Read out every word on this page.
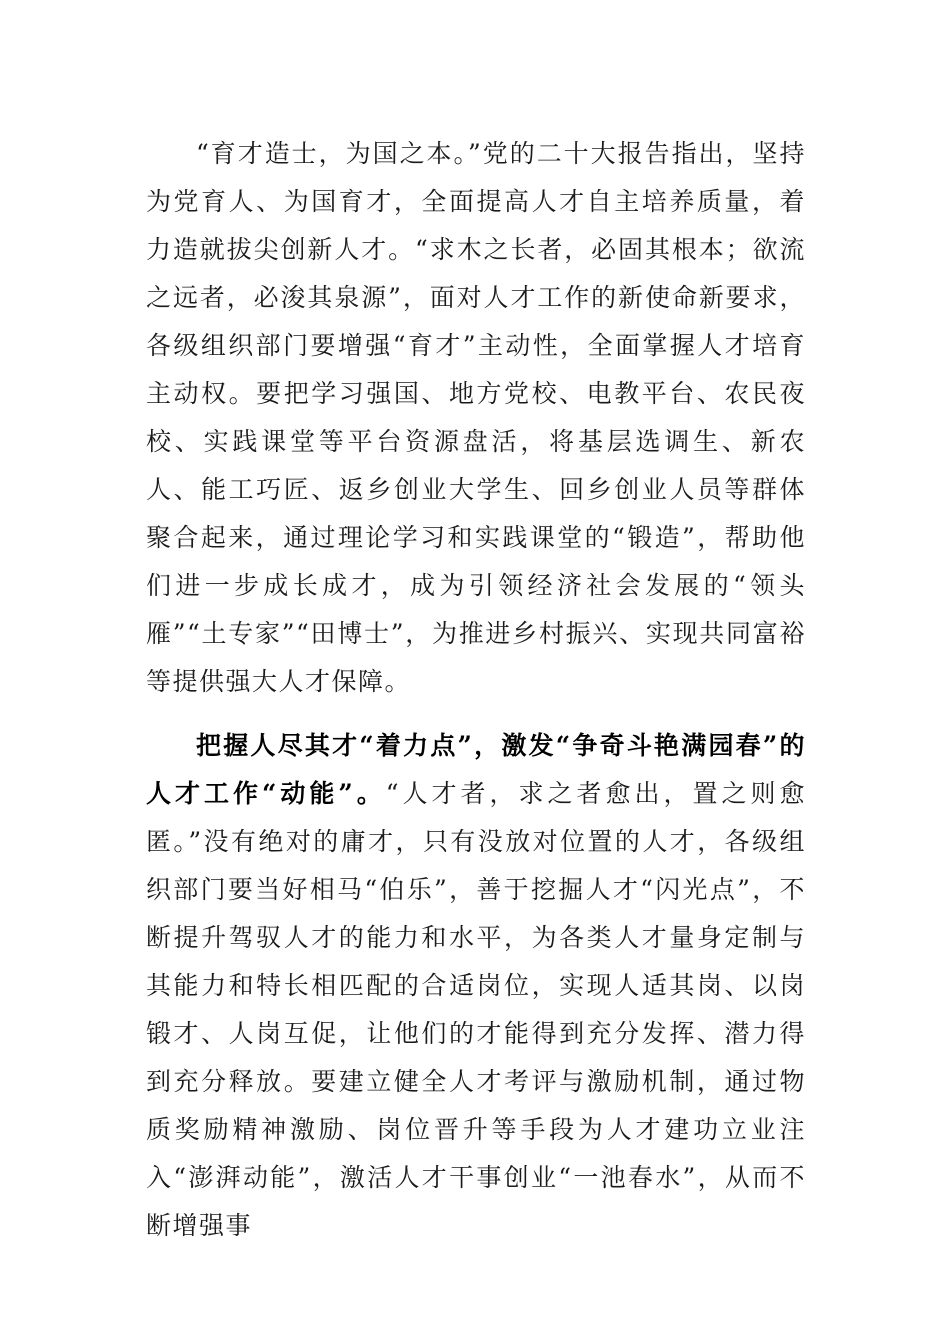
“育才造士，为国之本。”党的二十大报告指出，坚持为党育人、为国育才，全面提高人才自主培养质量，着力造就拔尖创新人才。“求木之长者，必固其根本；欲流之远者，必浚其泉源”，面对人才工作的新使命新要求，各级组织部门要增强“育才”主动性，全面掌握人才培育主动权。要把学习强国、地方党校、电教平台、农民夜校、实践课堂等平台资源盘活，将基层选调生、新农人、能工巧匠、返乡创业大学生、回乡创业人员等群体聚合起来，通过理论学习和实践课堂的“锻造”，帮助他们进一步成长成才，成为引领经济社会发展的“领头雁”“土专家”“田博士”，为推进乡村振兴、实现共同富裕等提供强大人才保障。

把握人尽其才“着力点”，激发“争奇斗艳满园春”的人才工作“动能”。“人才者，求之者愈出，置之则愈匿。”没有绝对的庸才，只有没放对位置的人才，各级组织部门要当好相马“伯乐”，善于挖掘人才“闪光点”，不断提升驾驭人才的能力和水平，为各类人才量身定制与其能力和特长相匹配的合适岗位，实现人适其岗、以岗锻才、人岗互促，让他们的才能得到充分发挥、潜力得到充分释放。要建立健全人才考评与激励机制，通过物质奖励精神激励、岗位晋升等手段为人才建功立业注入“澎湃动能”，激活人才干事创业“一池春水”，从而不断增强事
